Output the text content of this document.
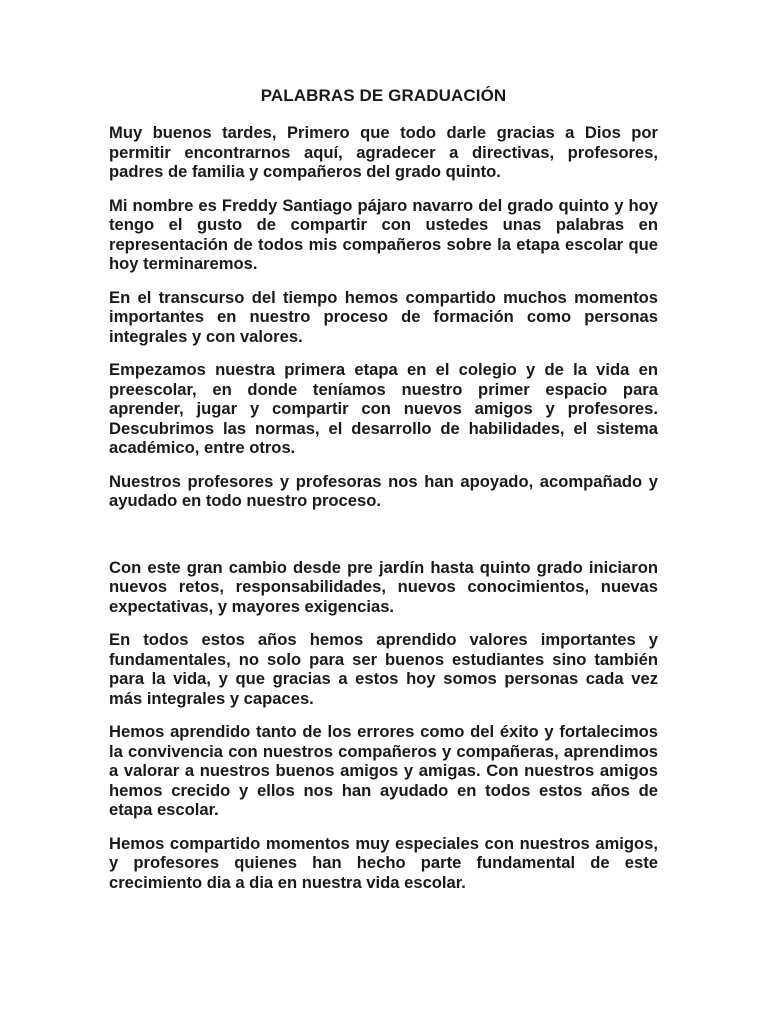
PALABRAS DE GRADUACIÓN

Muy buenos tardes, Primero que todo darle gracias a Dios por permitir encontrarnos aquí, agradecer a directivas, profesores, padres de familia y compañeros del grado quinto.

Mi nombre es Freddy Santiago pájaro navarro del grado quinto y hoy tengo el gusto de compartir con ustedes unas palabras en representación de todos mis compañeros sobre la etapa escolar que hoy terminaremos.

En el transcurso del tiempo hemos compartido muchos momentos importantes en nuestro proceso de formación como personas integrales y con valores.

Empezamos nuestra primera etapa en el colegio y de la vida en preescolar, en donde teníamos nuestro primer espacio para aprender, jugar y compartir con nuevos amigos y profesores. Descubrimos las normas, el desarrollo de habilidades, el sistema académico, entre otros.

Nuestros profesores y profesoras nos han apoyado, acompañado y ayudado en todo nuestro proceso.

Con este gran cambio desde pre jardín hasta quinto grado iniciaron nuevos retos, responsabilidades, nuevos conocimientos, nuevas expectativas, y mayores exigencias.

En todos estos años hemos aprendido valores importantes y fundamentales, no solo para ser buenos estudiantes sino también para la vida, y que gracias a estos hoy somos personas cada vez más integrales y capaces.

Hemos aprendido tanto de los errores como del éxito y fortalecimos la convivencia con nuestros compañeros y compañeras, aprendimos a valorar a nuestros buenos amigos y amigas. Con nuestros amigos hemos crecido y ellos nos han ayudado en todos estos años de etapa escolar.

Hemos compartido momentos muy especiales con nuestros amigos, y profesores quienes han hecho parte fundamental de este crecimiento dia a dia en nuestra vida escolar.
